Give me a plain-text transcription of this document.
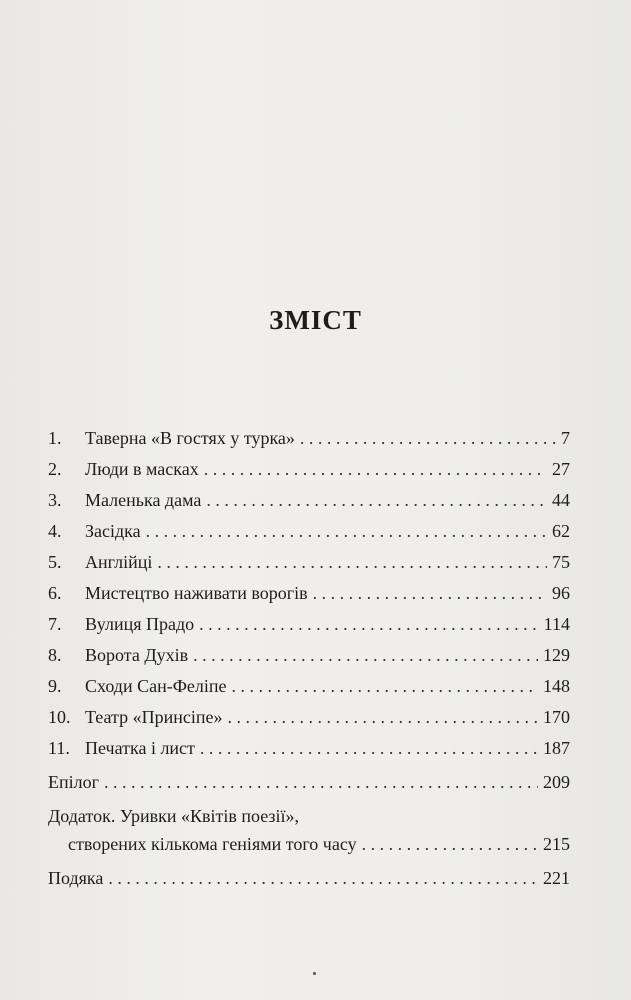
ЗМІСТ
1.	Таверна «В гостях у турка» . . .	7
2.	Люди в масках . . .	27
3.	Маленька дама . . .	44
4.	Засідка . . .	62
5.	Англійці . . .	75
6.	Мистецтво наживати ворогів . . .	96
7.	Вулиця Прадо . . .	114
8.	Ворота Духів . . .	129
9.	Сходи Сан-Феліпе . . .	148
10. Театр «Принсіпе» . . .	170
11. Печатка і лист . . .	187
Епілог . . .	209
Додаток. Уривки «Квітів поезії»,
створених кількома геніями того часу . . .	215
Подяка . . .	221
